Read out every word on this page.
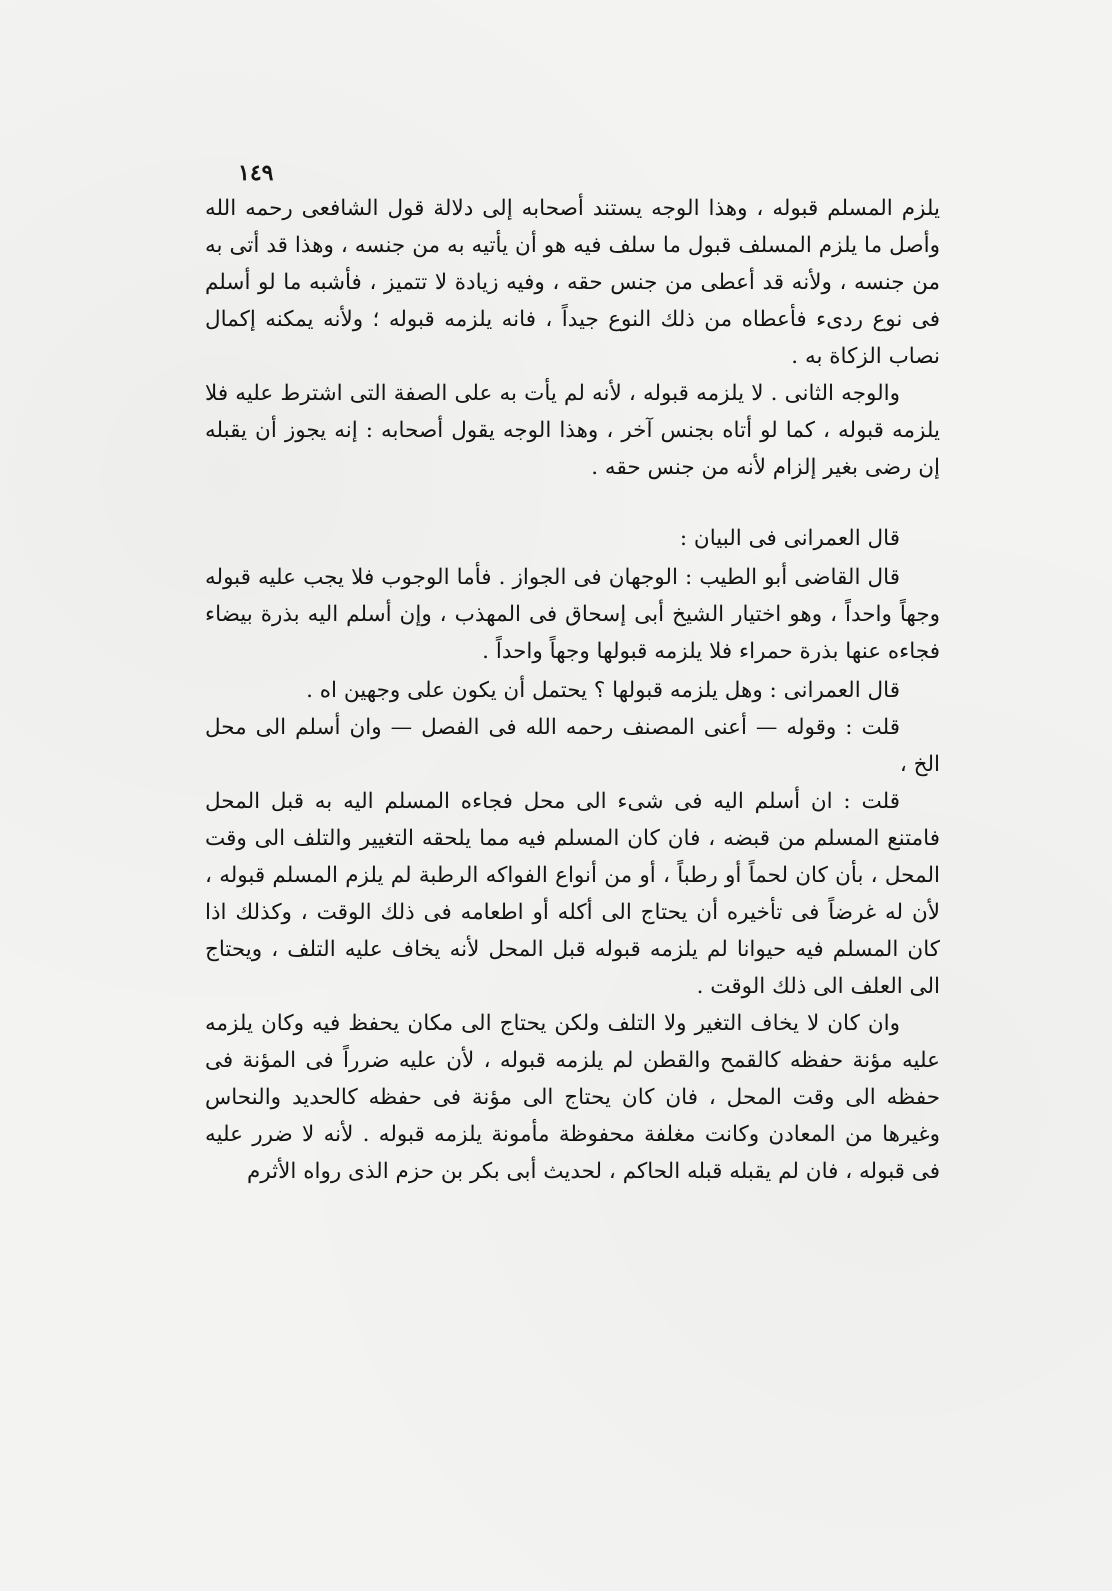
١٤٩

يلزم المسلم قبوله ، وهذا الوجه يستند أصحابه إلى دلالة قول الشافعى رحمه الله وأصل ما يلزم المسلف قبول ما سلف فيه هو أن يأتيه به من جنسه ، وهذا قد أتى به من جنسه ، ولأنه قد أعطى من جنس حقه ، وفيه زيادة لا تتميز ، فأشبه ما لو أسلم فى نوع ردىء فأعطاه من ذلك النوع جيداً ، فانه يلزمه قبوله ؛ ولأنه يمكنه إكمال نصاب الزكاة به .

والوجه الثانى . لا يلزمه قبوله ، لأنه لم يأت به على الصفة التى اشترط عليه فلا يلزمه قبوله ، كما لو أتاه بجنس آخر ، وهذا الوجه يقول أصحابه : إنه يجوز أن يقبله إن رضى بغير إلزام لأنه من جنس حقه .

قال العمرانى فى البيان :

قال القاضى أبو الطيب : الوجهان فى الجواز . فأما الوجوب فلا يجب عليه قبوله وجهاً واحداً ، وهو اختيار الشيخ أبى إسحاق فى المهذب ، وإن أسلم اليه بذرة بيضاء فجاءه عنها بذرة حمراء فلا يلزمه قبولها وجهاً واحداً .

قال العمرانى : وهل يلزمه قبولها ؟ يحتمل أن يكون على وجهين اه .

قلت : وقوله — أعنى المصنف رحمه الله فى الفصل — وان أسلم الى محل الخ ،

قلت : ان أسلم اليه فى شىء الى محل فجاءه المسلم اليه به قبل المحل فامتنع المسلم من قبضه ، فان كان المسلم فيه مما يلحقه التغيير والتلف الى وقت المحل ، بأن كان لحماً أو رطباً ، أو من أنواع الفواكه الرطبة لم يلزم المسلم قبوله ، لأن له غرضاً فى تأخيره أن يحتاج الى أكله أو اطعامه فى ذلك الوقت ، وكذلك اذا كان المسلم فيه حيوانا لم يلزمه قبوله قبل المحل لأنه يخاف عليه التلف ، ويحتاج الى العلف الى ذلك الوقت .

وان كان لا يخاف التغير ولا التلف ولكن يحتاج الى مكان يحفظ فيه وكان يلزمه عليه مؤنة حفظه كالقمح والقطن لم يلزمه قبوله ، لأن عليه ضرراً فى المؤنة فى حفظه الى وقت المحل ، فان كان يحتاج الى مؤنة فى حفظه كالحديد والنحاس وغيرها من المعادن وكانت مغلفة محفوظة مأمونة يلزمه قبوله . لأنه لا ضرر عليه فى قبوله ، فان لم يقبله قبله الحاكم ، لحديث أبى بكر بن حزم الذى رواه الأثرم
